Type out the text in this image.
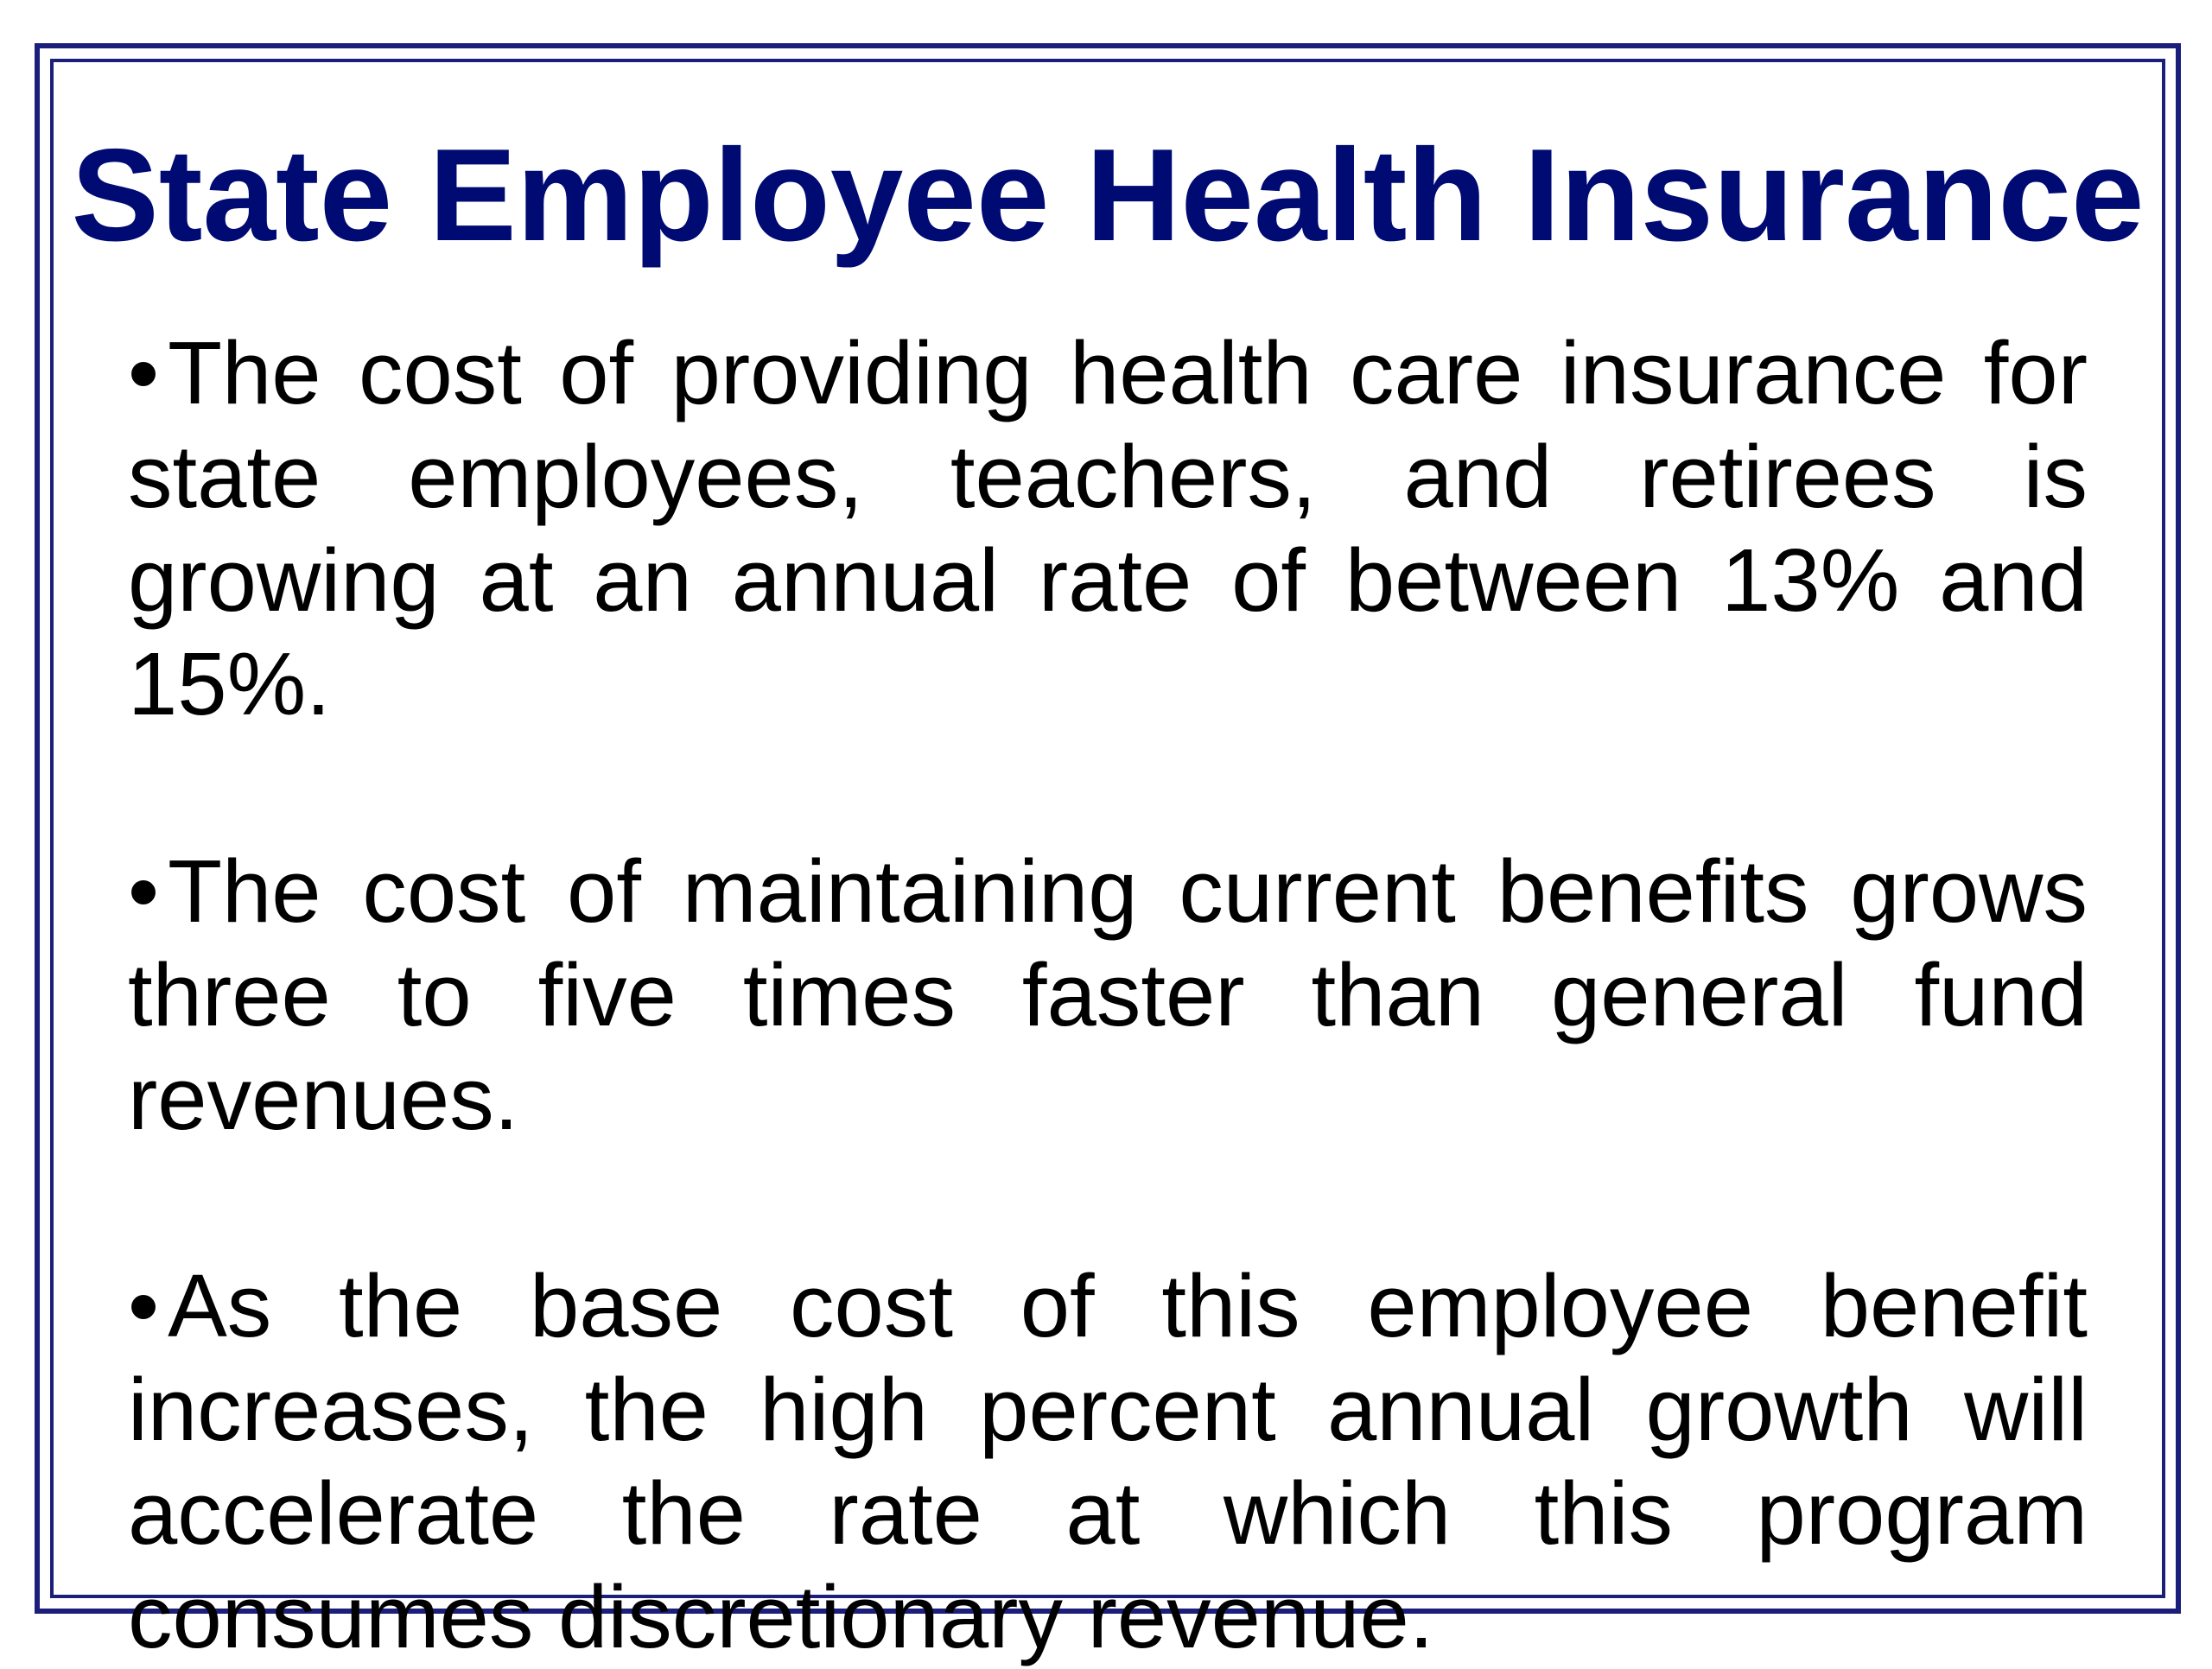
State Employee Health Insurance

•The cost of providing health care insurance for state employees, teachers, and retirees is growing at an annual rate of between 13% and 15%.

•The cost of maintaining current benefits grows three to five times faster than general fund revenues.

•As the base cost of this employee benefit increases, the high percent annual growth will accelerate the rate at which this program consumes discretionary revenue.
